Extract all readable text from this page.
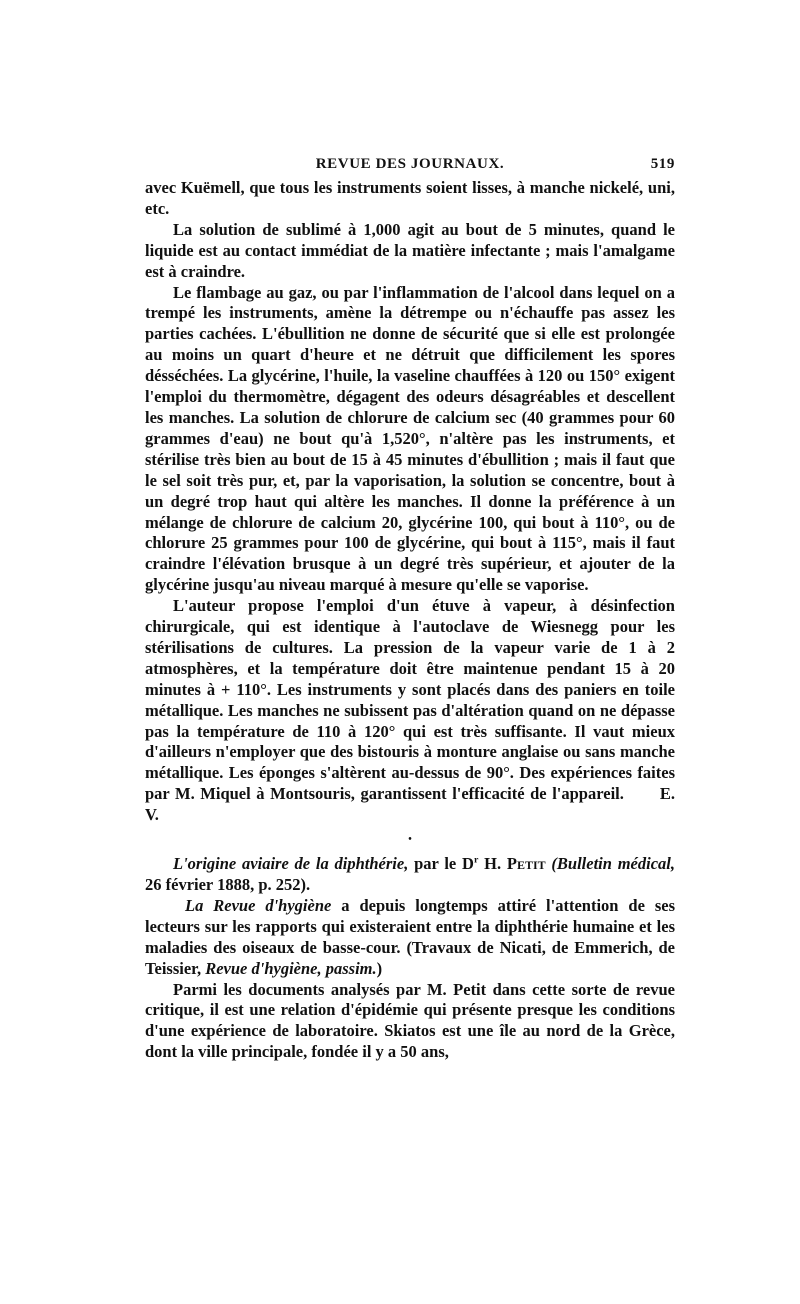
REVUE DES JOURNAUX.	519

avec Kuëmell, que tous les instruments soient lisses, à manche nickelé, uni, etc.

La solution de sublimé à 1,000 agit au bout de 5 minutes, quand le liquide est au contact immédiat de la matière infectante ; mais l'amalgame est à craindre.

Le flambage au gaz, ou par l'inflammation de l'alcool dans lequel on a trempé les instruments, amène la détrempe ou n'échauffe pas assez les parties cachées. L'ébullition ne donne de sécurité que si elle est prolongée au moins un quart d'heure et ne détruit que difficilement les spores désséchées. La glycérine, l'huile, la vaseline chauffées à 120 ou 150° exigent l'emploi du thermomètre, dégagent des odeurs désagréables et descellent les manches. La solution de chlorure de calcium sec (40 grammes pour 60 grammes d'eau) ne bout qu'à 1,520°, n'altère pas les instruments, et stérilise très bien au bout de 15 à 45 minutes d'ébullition ; mais il faut que le sel soit très pur, et, par la vaporisation, la solution se concentre, bout à un degré trop haut qui altère les manches. Il donne la préférence à un mélange de chlorure de calcium 20, glycérine 100, qui bout à 110°, ou de chlorure 25 grammes pour 100 de glycérine, qui bout à 115°, mais il faut craindre l'élévation brusque à un degré très supérieur, et ajouter de la glycérine jusqu'au niveau marqué à mesure qu'elle se vaporise.

L'auteur propose l'emploi d'un étuve à vapeur, à désinfection chirurgicale, qui est identique à l'autoclave de Wiesnegg pour les stérilisations de cultures. La pression de la vapeur varie de 1 à 2 atmosphères, et la température doit être maintenue pendant 15 à 20 minutes à + 110°. Les instruments y sont placés dans des paniers en toile métallique. Les manches ne subissent pas d'altération quand on ne dépasse pas la température de 110 à 120° qui est très suffisante. Il vaut mieux d'ailleurs n'employer que des bistouris à monture anglaise ou sans manche métallique. Les éponges s'altèrent au-dessus de 90°. Des expériences faites par M. Miquel à Montsouris, garantissent l'efficacité de l'appareil. E. V.

•

L'origine aviaire de la diphthérie, par le $D^r$ H. Petit (Bulletin médical, 26 février 1888, p. 252).

La Revue d'hygiène a depuis longtemps attiré l'attention de ses lecteurs sur les rapports qui existeraient entre la diphthérie humaine et les maladies des oiseaux de basse-cour. (Travaux de Nicati, de Emmerich, de Teissier, Revue d'hygiène, passim.)

Parmi les documents analysés par M. Petit dans cette sorte de revue critique, il est une relation d'épidémie qui présente presque les conditions d'une expérience de laboratoire. Skiatos est une île au nord de la Grèce, dont la ville principale, fondée il y a 50 ans,
